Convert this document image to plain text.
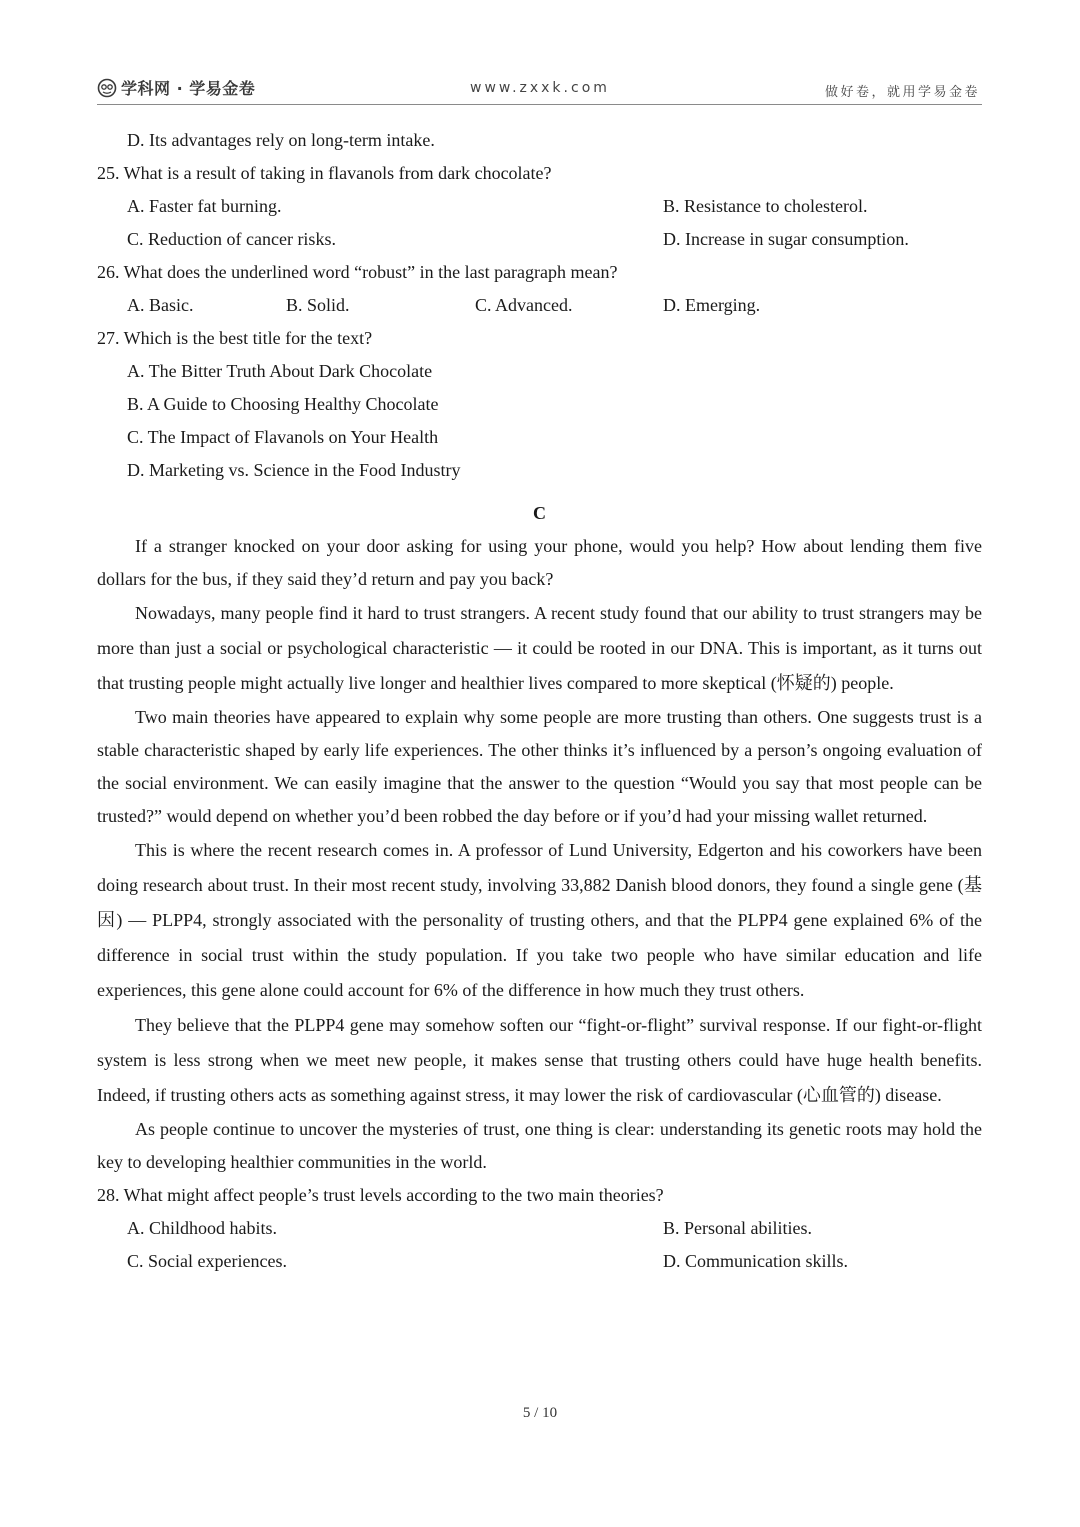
学科网 · 学易金卷	www.zxxk.com	做好卷，就用学易金卷

D. Its advantages rely on long-term intake.

25. What is a result of taking in flavanols from dark chocolate?

A. Faster fat burning.	B. Resistance to cholesterol.
C. Reduction of cancer risks.	D. Increase in sugar consumption.

26. What does the underlined word “robust” in the last paragraph mean?

A. Basic.	B. Solid.	C. Advanced.	D. Emerging.

27. Which is the best title for the text?

A. The Bitter Truth About Dark Chocolate

B. A Guide to Choosing Healthy Chocolate

C. The Impact of Flavanols on Your Health

D. Marketing vs. Science in the Food Industry

C

If a stranger knocked on your door asking for using your phone, would you help? How about lending them five dollars for the bus, if they said they’d return and pay you back?

Nowadays, many people find it hard to trust strangers. A recent study found that our ability to trust strangers may be more than just a social or psychological characteristic — it could be rooted in our DNA. This is important, as it turns out that trusting people might actually live longer and healthier lives compared to more skeptical (怀疑的) people.

Two main theories have appeared to explain why some people are more trusting than others. One suggests trust is a stable characteristic shaped by early life experiences. The other thinks it’s influenced by a person’s ongoing evaluation of the social environment. We can easily imagine that the answer to the question “Would you say that most people can be trusted?” would depend on whether you’d been robbed the day before or if you’d had your missing wallet returned.

This is where the recent research comes in. A professor of Lund University, Edgerton and his coworkers have been doing research about trust. In their most recent study, involving 33,882 Danish blood donors, they found a single gene (基因) — PLPP4, strongly associated with the personality of trusting others, and that the PLPP4 gene explained 6% of the difference in social trust within the study population. If you take two people who have similar education and life experiences, this gene alone could account for 6% of the difference in how much they trust others.

They believe that the PLPP4 gene may somehow soften our “fight-or-flight” survival response. If our fight-or-flight system is less strong when we meet new people, it makes sense that trusting others could have huge health benefits. Indeed, if trusting others acts as something against stress, it may lower the risk of cardiovascular (心血管的) disease.

As people continue to uncover the mysteries of trust, one thing is clear: understanding its genetic roots may hold the key to developing healthier communities in the world.

28. What might affect people’s trust levels according to the two main theories?

A. Childhood habits.	B. Personal abilities.
C. Social experiences.	D. Communication skills.
5 / 10
